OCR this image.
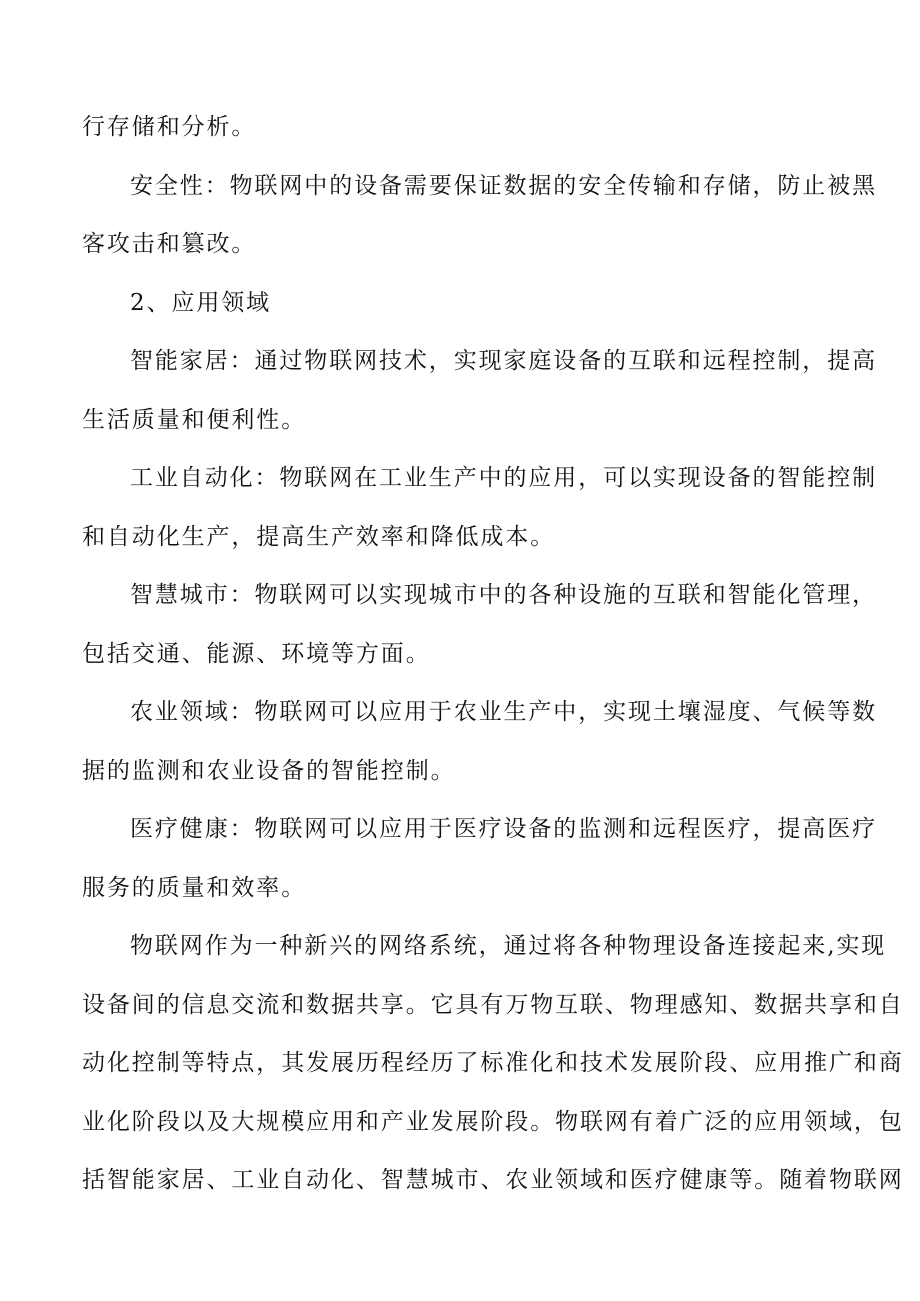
行存储和分析。

安全性：物联网中的设备需要保证数据的安全传输和存储，防止被黑
客攻击和篡改。

2、应用领域

智能家居：通过物联网技术，实现家庭设备的互联和远程控制，提高
生活质量和便利性。

工业自动化：物联网在工业生产中的应用，可以实现设备的智能控制
和自动化生产，提高生产效率和降低成本。

智慧城市：物联网可以实现城市中的各种设施的互联和智能化管理，
包括交通、能源、环境等方面。

农业领域：物联网可以应用于农业生产中，实现土壤湿度、气候等数
据的监测和农业设备的智能控制。

医疗健康：物联网可以应用于医疗设备的监测和远程医疗，提高医疗
服务的质量和效率。

物联网作为一种新兴的网络系统，通过将各种物理设备连接起来,实现
设备间的信息交流和数据共享。它具有万物互联、物理感知、数据共享和自
动化控制等特点，其发展历程经历了标准化和技术发展阶段、应用推广和商
业化阶段以及大规模应用和产业发展阶段。物联网有着广泛的应用领域，包
括智能家居、工业自动化、智慧城市、农业领域和医疗健康等。随着物联网
